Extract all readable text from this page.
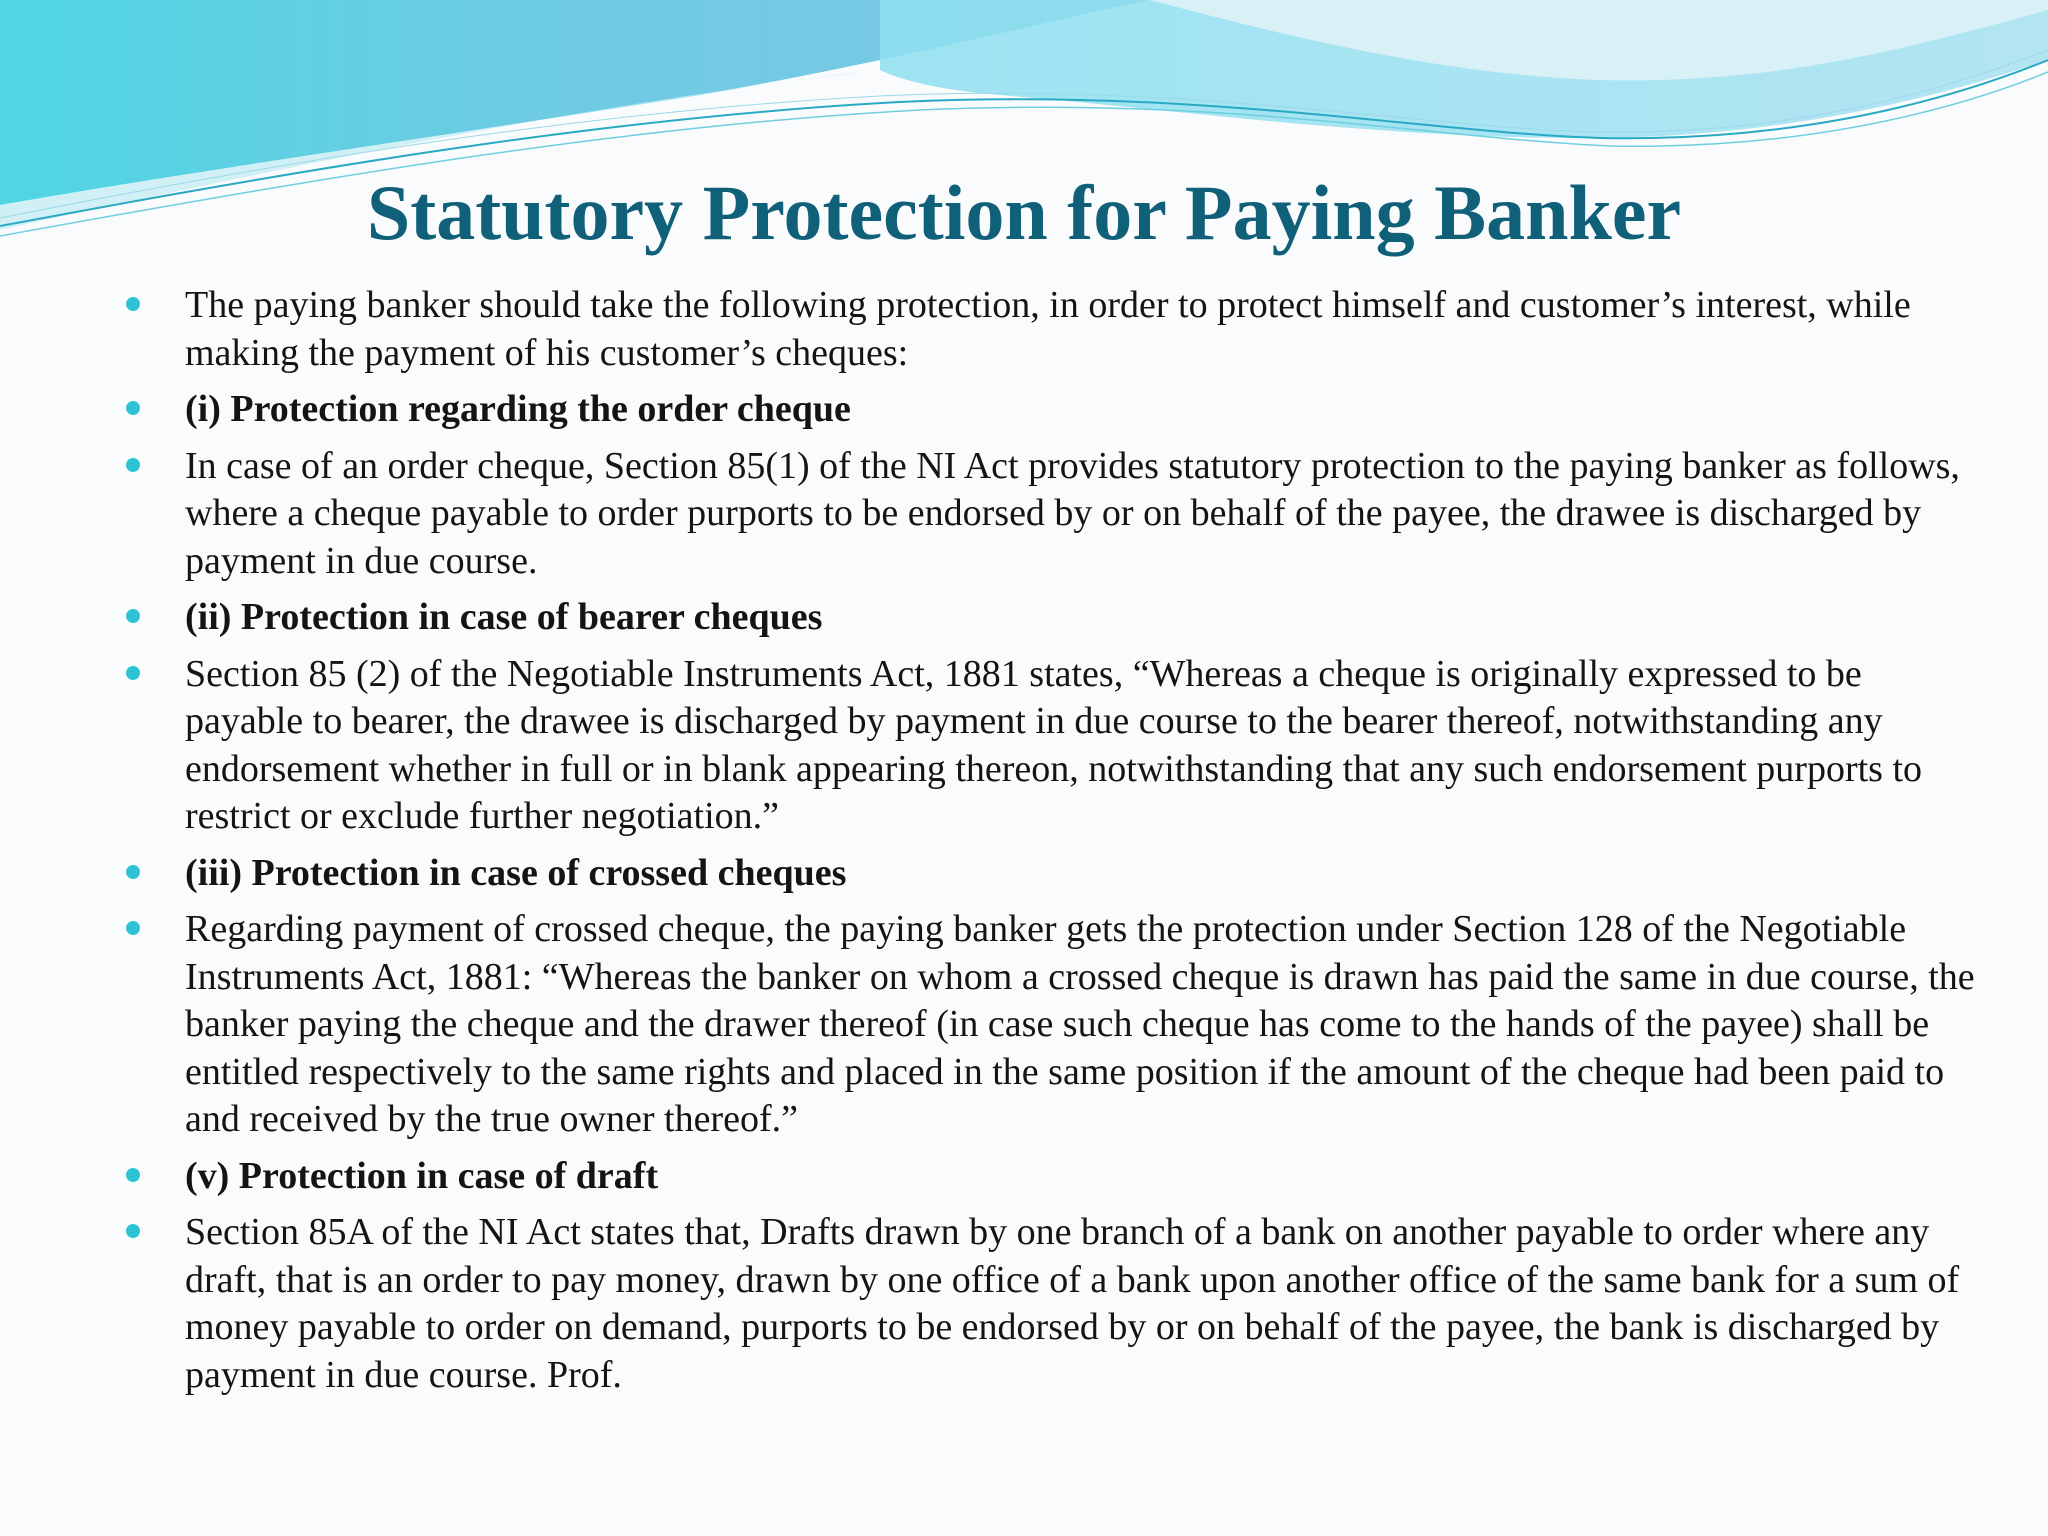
Statutory Protection for Paying Banker
The paying banker should take the following protection, in order to protect himself and customer’s interest, while making the payment of his customer’s cheques:
(i) Protection regarding the order cheque
In case of an order cheque, Section 85(1) of the NI Act provides statutory protection to the paying banker as follows, where a cheque payable to order purports to be endorsed by or on behalf of the payee, the drawee is discharged by payment in due course.
(ii) Protection in case of bearer cheques
Section 85 (2) of the Negotiable Instruments Act, 1881 states, “Whereas a cheque is originally expressed to be payable to bearer, the drawee is discharged by payment in due course to the bearer thereof, notwithstanding any endorsement whether in full or in blank appearing thereon, notwithstanding that any such endorsement purports to restrict or exclude further negotiation.”
(iii) Protection in case of crossed cheques
Regarding payment of crossed cheque, the paying banker gets the protection under Section 128 of the Negotiable Instruments Act, 1881: “Whereas the banker on whom a crossed cheque is drawn has paid the same in due course, the banker paying the cheque and the drawer thereof (in case such cheque has come to the hands of the payee) shall be entitled respectively to the same rights and placed in the same position if the amount of the cheque had been paid to and received by the true owner thereof.”
(v) Protection in case of draft
Section 85A of the NI Act states that, Drafts drawn by one branch of a bank on another payable to order where any draft, that is an order to pay money, drawn by one office of a bank upon another office of the same bank for a sum of money payable to order on demand, purports to be endorsed by or on behalf of the payee, the bank is discharged by payment in due course. Prof.
